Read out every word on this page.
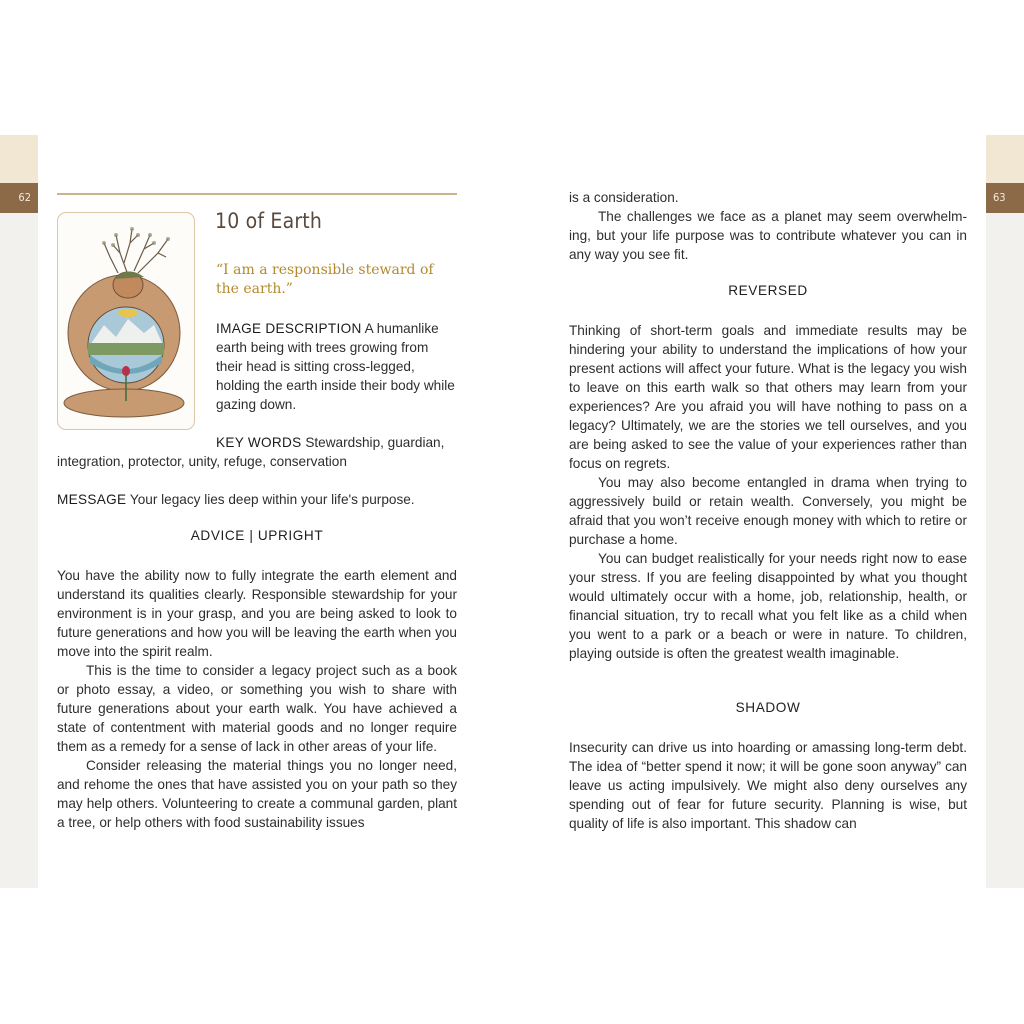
62	63
10 of Earth
“I am a responsible steward of the earth.”
IMAGE DESCRIPTION A humanlike earth being with trees growing from their head is sitting cross-legged, holding the earth inside their body while gazing down.
KEY WORDS Stewardship, guardian,
integration, protector, unity, refuge, conservation
MESSAGE Your legacy lies deep within your life's purpose.
ADVICE | UPRIGHT

You have the ability now to fully integrate the earth element and understand its qualities clearly. Responsible stewardship for your environment is in your grasp, and you are being asked to look to future generations and how you will be leaving the earth when you move into the spirit realm.

This is the time to consider a legacy project such as a book or photo essay, a video, or something you wish to share with future generations about your earth walk. You have achieved a state of contentment with material goods and no longer require them as a remedy for a sense of lack in other areas of your life.

Consider releasing the material things you no longer need, and rehome the ones that have assisted you on your path so they may help others. Volunteering to create a communal garden, plant a tree, or help others with food sustainability issues

is a consideration.

The challenges we face as a planet may seem overwhelming, but your life purpose was to contribute whatever you can in any way you see fit.

REVERSED

Thinking of short-term goals and immediate results may be hindering your ability to understand the implications of how your present actions will affect your future. What is the legacy you wish to leave on this earth walk so that others may learn from your experiences? Are you afraid you will have nothing to pass on a legacy? Ultimately, we are the stories we tell ourselves, and you are being asked to see the value of your experiences rather than focus on regrets.

You may also become entangled in drama when trying to aggressively build or retain wealth. Conversely, you might be afraid that you won’t receive enough money with which to retire or purchase a home.

You can budget realistically for your needs right now to ease your stress. If you are feeling disappointed by what you thought would ultimately occur with a home, job, relationship, health, or financial situation, try to recall what you felt like as a child when you went to a park or a beach or were in nature. To children, playing outside is often the greatest wealth imaginable.

SHADOW

Insecurity can drive us into hoarding or amassing long-term debt. The idea of “better spend it now; it will be gone soon anyway” can leave us acting impulsively. We might also deny ourselves any spending out of fear for future security. Planning is wise, but quality of life is also important. This shadow can
